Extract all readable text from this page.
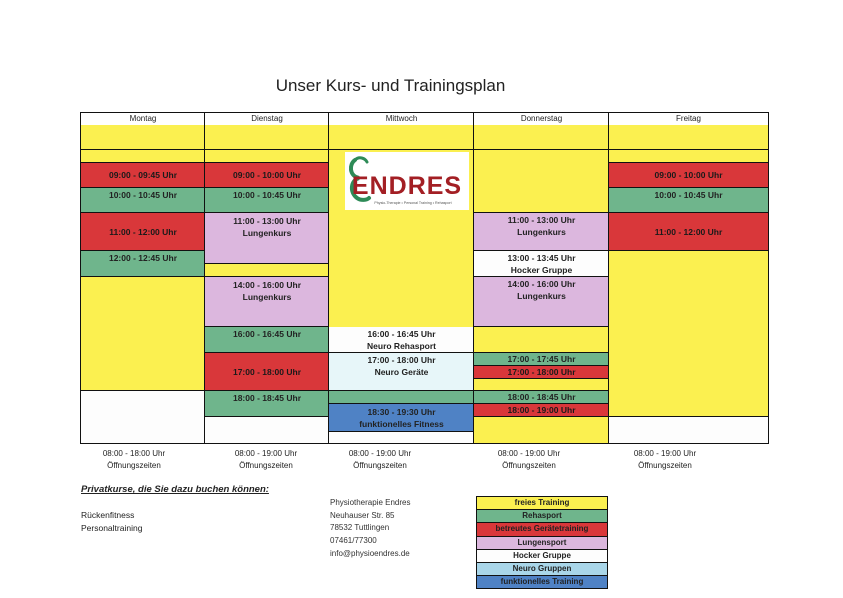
Unser Kurs- und Trainingsplan
Montag
09:00 - 09:45 Uhr
10:00 - 10:45 Uhr
11:00 - 12:00 Uhr
12:00 - 12:45 Uhr
Dienstag
09:00 - 10:00 Uhr
10:00 - 10:45 Uhr
11:00 - 13:00 Uhr
Lungenkurs
14:00 - 16:00 Uhr
Lungenkurs
16:00 - 16:45 Uhr
17:00 - 18:00 Uhr
18:00 - 18:45 Uhr
Mittwoch
ENDRES
Physio-Therapie • Personal Training • Rehasport
16:00 - 16:45 Uhr
Neuro Rehasport
17:00 - 18:00 Uhr
Neuro Geräte
18:30 - 19:30 Uhr
funktionelles Fitness
Donnerstag
11:00 - 13:00 Uhr
Lungenkurs
13:00 - 13:45 Uhr
Hocker Gruppe
14:00 - 16:00 Uhr
Lungenkurs
17:00 - 17:45 Uhr
17:00 - 18:00 Uhr
18:00 - 18:45 Uhr
18:00 - 19:00 Uhr
Freitag
09:00 - 10:00 Uhr
10:00 - 10:45 Uhr
11:00 - 12:00 Uhr
08:00 - 18:00 Uhr
Öffnungszeiten
08:00 - 19:00 Uhr
Öffnungszeiten
08:00 - 19:00 Uhr
Öffnungszeiten
08:00 - 19:00 Uhr
Öffnungszeiten
08:00 - 19:00 Uhr
Öffnungszeiten
Privatkurse, die Sie dazu buchen können:
Rückenfitness
Personaltraining
Physiotherapie Endres
Neuhauser Str. 85
78532 Tuttlingen
07461/77300
info@physioendres.de
freies Training
Rehasport
betreutes Gerätetraining
Lungensport
Hocker Gruppe
Neuro Gruppen
funktionelles Training
